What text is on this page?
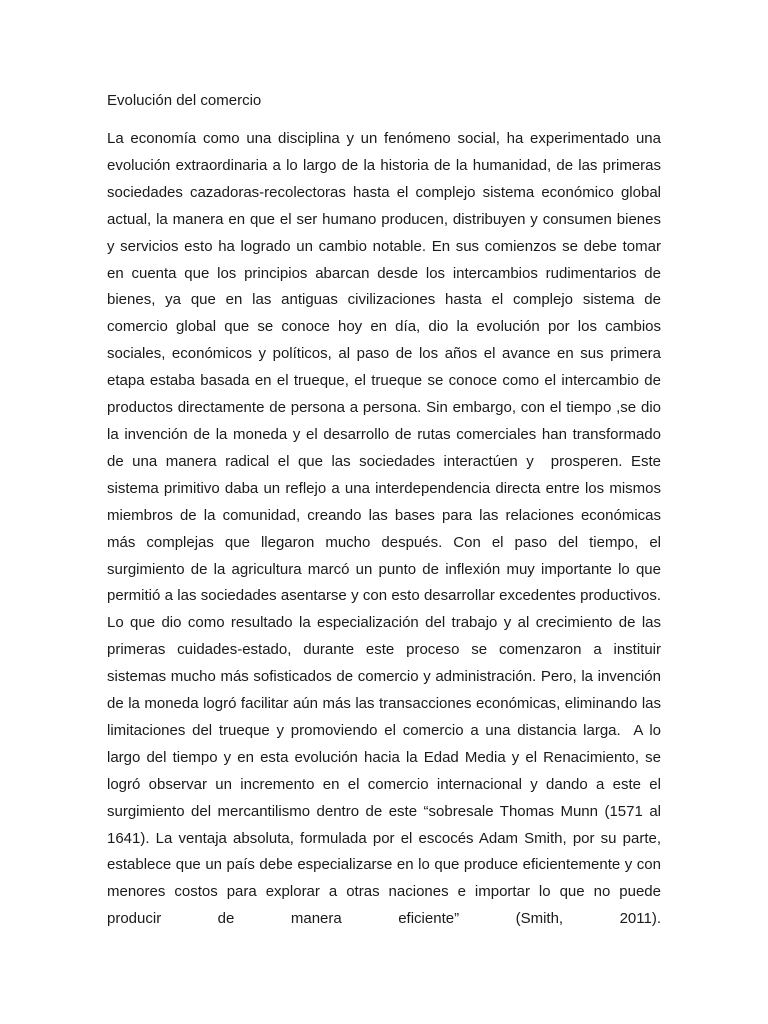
Evolución del comercio

La economía como una disciplina y un fenómeno social, ha experimentado una evolución extraordinaria a lo largo de la historia de la humanidad, de las primeras sociedades cazadoras-recolectoras hasta el complejo sistema económico global actual, la manera en que el ser humano producen, distribuyen y consumen bienes y servicios esto ha logrado un cambio notable. En sus comienzos se debe tomar en cuenta que los principios abarcan desde los intercambios rudimentarios de bienes, ya que en las antiguas civilizaciones hasta el complejo sistema de comercio global que se conoce hoy en día, dio la evolución por los cambios sociales, económicos y políticos, al paso de los años el avance en sus primera etapa estaba basada en el trueque, el trueque se conoce como el intercambio de productos directamente de persona a persona. Sin embargo, con el tiempo ,se dio la invención de la moneda y el desarrollo de rutas comerciales han transformado de una manera radical el que las sociedades interactúen y  prosperen. Este sistema primitivo daba un reflejo a una interdependencia directa entre los mismos miembros de la comunidad, creando las bases para las relaciones económicas más complejas que llegaron mucho después. Con el paso del tiempo, el surgimiento de la agricultura marcó un punto de inflexión muy importante lo que permitió a las sociedades asentarse y con esto desarrollar excedentes productivos. Lo que dio como resultado la especialización del trabajo y al crecimiento de las primeras cuidades-estado, durante este proceso se comenzaron a instituir sistemas mucho más sofisticados de comercio y administración. Pero, la invención de la moneda logró facilitar aún más las transacciones económicas, eliminando las limitaciones del trueque y promoviendo el comercio a una distancia larga.  A lo largo del tiempo y en esta evolución hacia la Edad Media y el Renacimiento, se logró observar un incremento en el comercio internacional y dando a este el surgimiento del mercantilismo dentro de este “sobresale Thomas Munn (1571 al 1641). La ventaja absoluta, formulada por el escocés Adam Smith, por su parte, establece que un país debe especializarse en lo que produce eficientemente y con menores costos para explorar a otras naciones e importar lo que no puede producir de manera eficiente” (Smith, 2011).
